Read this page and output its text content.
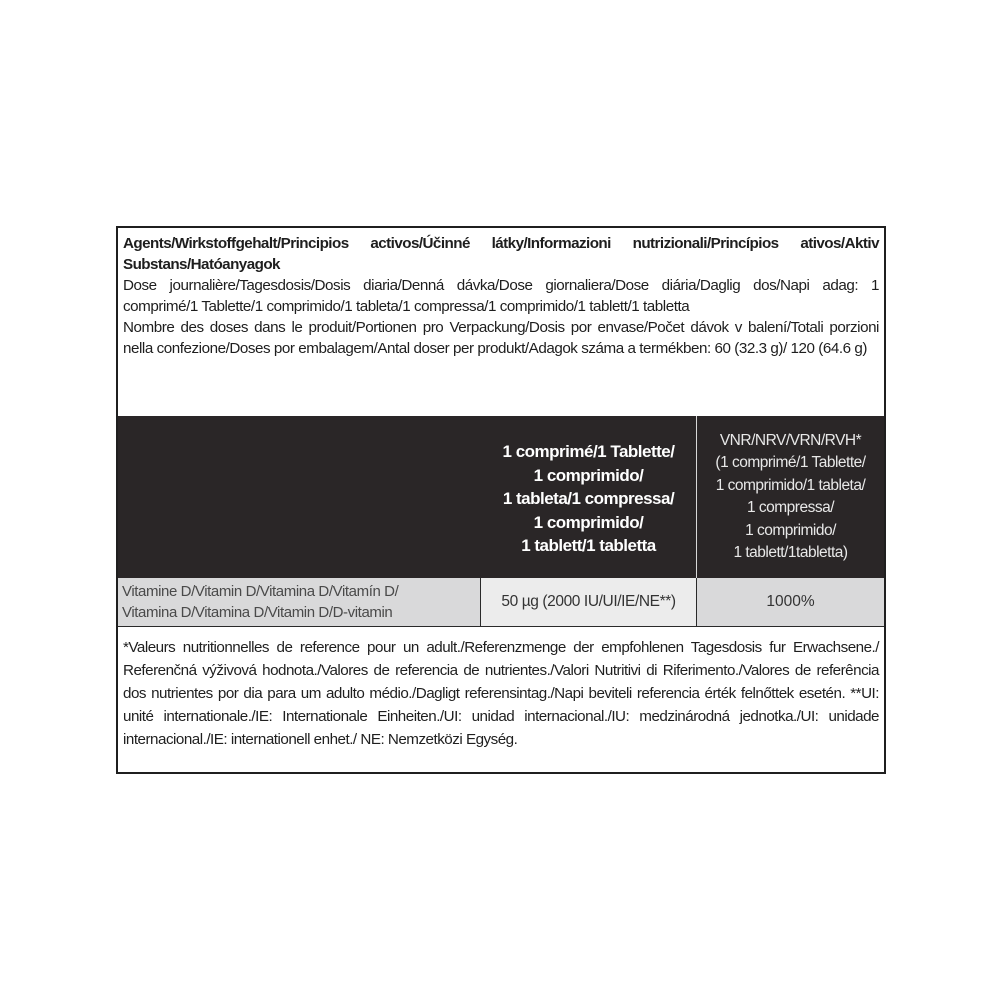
Agents/Wirkstoffgehalt/Principios activos/Účinné látky/Informazioni nutrizionali/Princípios ativos/Aktiv Substans/Hatóanyagok
Dose journalière/Tagesdosis/Dosis diaria/Denná dávka/Dose giornaliera/Dose diária/Daglig dos/Napi adag: 1 comprimé/1 Tablette/1 comprimido/1 tableta/1 compressa/1 comprimido/1 tablett/1 tabletta
Nombre des doses dans le produit/Portionen pro Verpackung/Dosis por envase/Počet dávok v balení/Totali porzioni nella confezione/Doses por embalagem/Antal doser per produkt/Adagok száma a termékben: 60 (32.3 g)/ 120 (64.6 g)
1 comprimé/1 Tablette/
1 comprimido/
1 tableta/1 compressa/
1 comprimido/
1 tablett/1 tabletta
VNR/NRV/VRN/RVH*
(1 comprimé/1 Tablette/
1 comprimido/1 tableta/
1 compressa/
1 comprimido/
1 tablett/1tabletta)
Vitamine D/Vitamin D/Vitamina D/Vitamín D/
Vitamina D/Vitamina D/Vitamin D/D-vitamin
50 µg (2000 IU/UI/IE/NE**)	1000%
*Valeurs nutritionnelles de reference pour un adult./Referenzmenge der empfohlenen Tagesdosis fur Erwachsene./ Referenčná výživová hodnota./Valores de referencia de nutrientes./Valori Nutritivi di Riferimento./Valores de referência dos nutrientes por dia para um adulto médio./Dagligt referensintag./Napi beviteli referencia érték felnőttek esetén. **UI: unité internationale./IE: Internationale Einheiten./UI: unidad internacional./IU: medzinárodná jednotka./UI: unidade internacional./IE: internationell enhet./ NE: Nemzetközi Egység.
